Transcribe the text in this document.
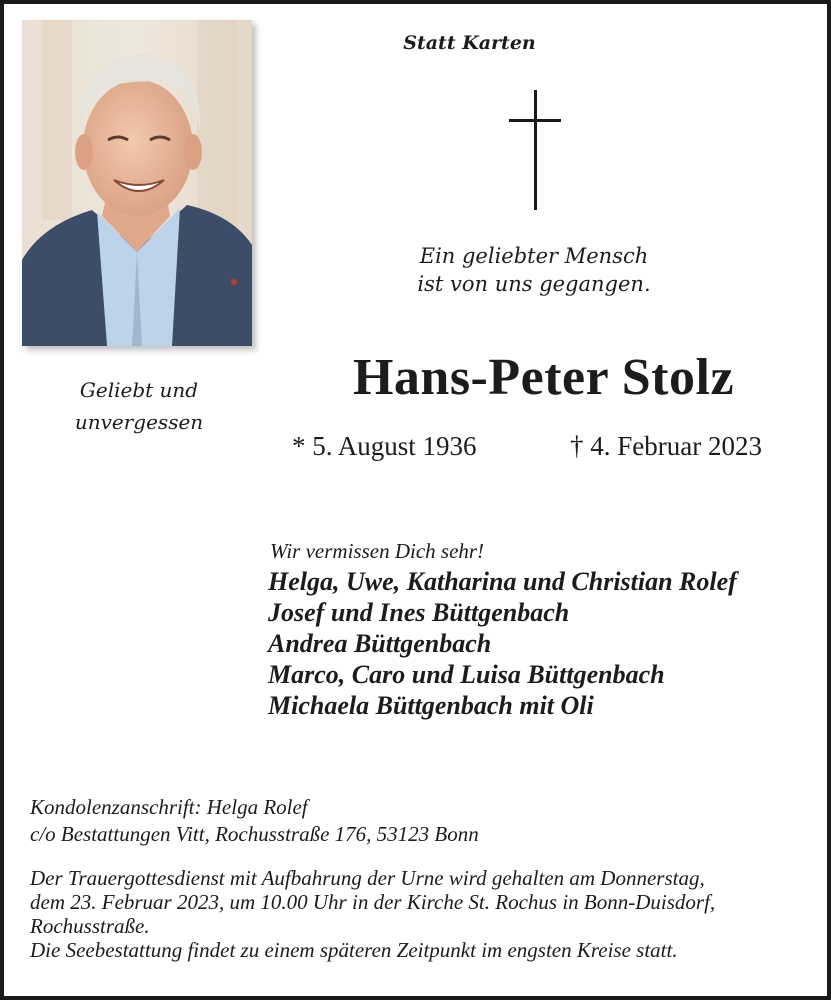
Statt Karten
Ein geliebter Mensch
ist von uns gegangen.
Geliebt und
unvergessen
Hans-Peter Stolz
* 5. August 1936	† 4. Februar 2023
Wir vermissen Dich sehr!
Helga, Uwe, Katharina und Christian Rolef
Josef und Ines Büttgenbach
Andrea Büttgenbach
Marco, Caro und Luisa Büttgenbach
Michaela Büttgenbach mit Oli
Kondolenzanschrift: Helga Rolef
c/o Bestattungen Vitt, Rochusstraße 176, 53123 Bonn
Der Trauergottesdienst mit Aufbahrung der Urne wird gehalten am Donnerstag,
dem 23. Februar 2023, um 10.00 Uhr in der Kirche St. Rochus in Bonn-Duisdorf,
Rochusstraße.
Die Seebestattung findet zu einem späteren Zeitpunkt im engsten Kreise statt.
